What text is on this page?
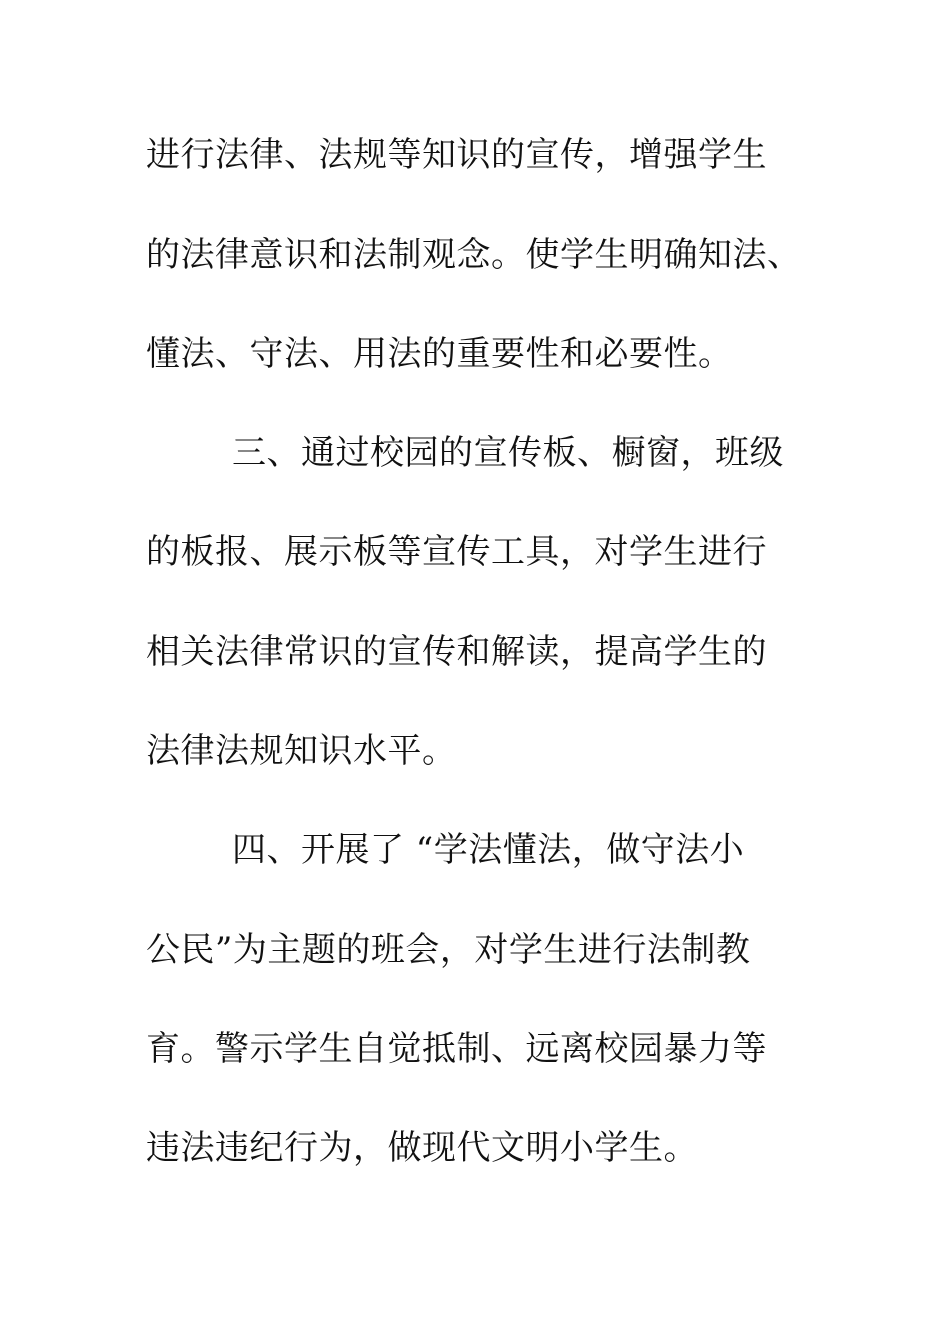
进行法律、法规等知识的宣传，增强学生

的法律意识和法制观念。使学生明确知法、

懂法、守法、用法的重要性和必要性。

三、通过校园的宣传板、橱窗，班级

的板报、展示板等宣传工具，对学生进行

相关法律常识的宣传和解读，提高学生的

法律法规知识水平。

四、开展了 “学法懂法，做守法小

公民”为主题的班会，对学生进行法制教

育。警示学生自觉抵制、远离校园暴力等

违法违纪行为，做现代文明小学生。
